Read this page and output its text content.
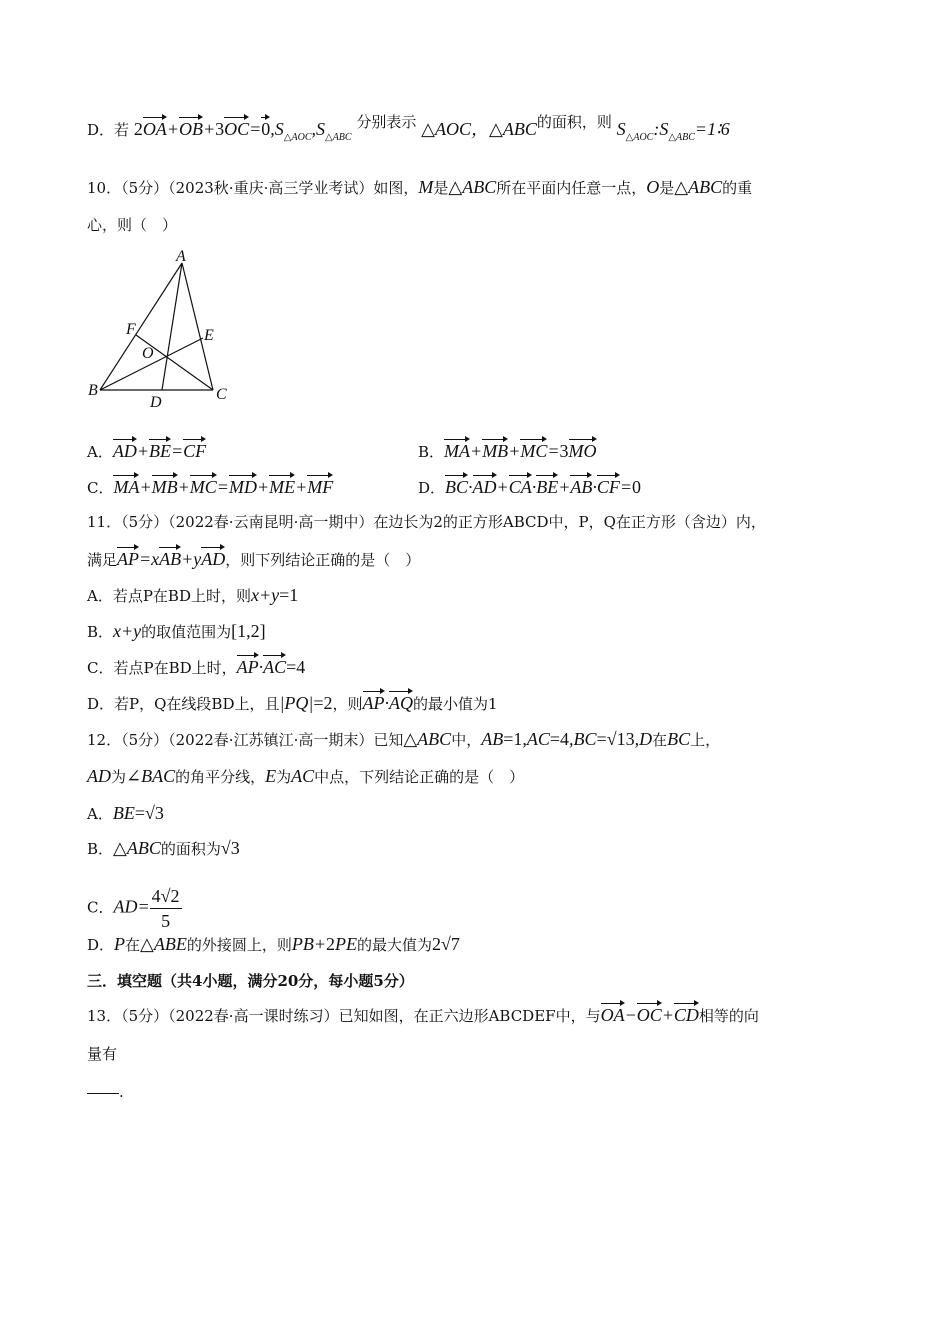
D．若 $2OA+OB+3OC=0,S_{\triangle AOC},S_{\triangle ABC}$ 分别表示 △AOC，△ABC的面积，则 $S_{\triangle AOC}:S_{\triangle ABC}=1∶6$
10．（5分）（2023秋·重庆·高三学业考试）如图，M是△ABC所在平面内任意一点，O是△ABC的重
心，则（　）
A
F	E
O
B
D	C
A．AD+BE=CF	B．MA+MB+MC=3MO
C．MA+MB+MC=MD+ME+MF	D．BC·AD+CA·BE+AB·CF=0
11．（5分）（2022春·云南昆明·高一期中）在边长为2的正方形ABCD中，P，Q在正方形（含边）内，
满足AP=xAB+yAD，则下列结论正确的是（　）
A．若点P在BD上时，则x+y=1
B．x+y的取值范围为[1,2]
C．若点P在BD上时，AP·AC=4
D．若P，Q在线段BD上，且|PQ|=2，则AP·AQ的最小值为1
12．（5分）（2022春·江苏镇江·高一期末）已知△ABC中，AB=1,AC=4,BC=√13,D在BC上，
AD为∠BAC的角平分线，E为AC中点，下列结论正确的是（　）
A．BE=√3
B．△ABC的面积为√3
C．$AD= \frac{4√2}{5}$
D．P在△ABE的外接圆上，则PB+2PE的最大值为2√7
三．填空题（共4小题，满分20分，每小题5分）
13．（5分）（2022春·高一课时练习）已知如图，在正六边形ABCDEF中，与OA−OC+CD相等的向
量有
.
